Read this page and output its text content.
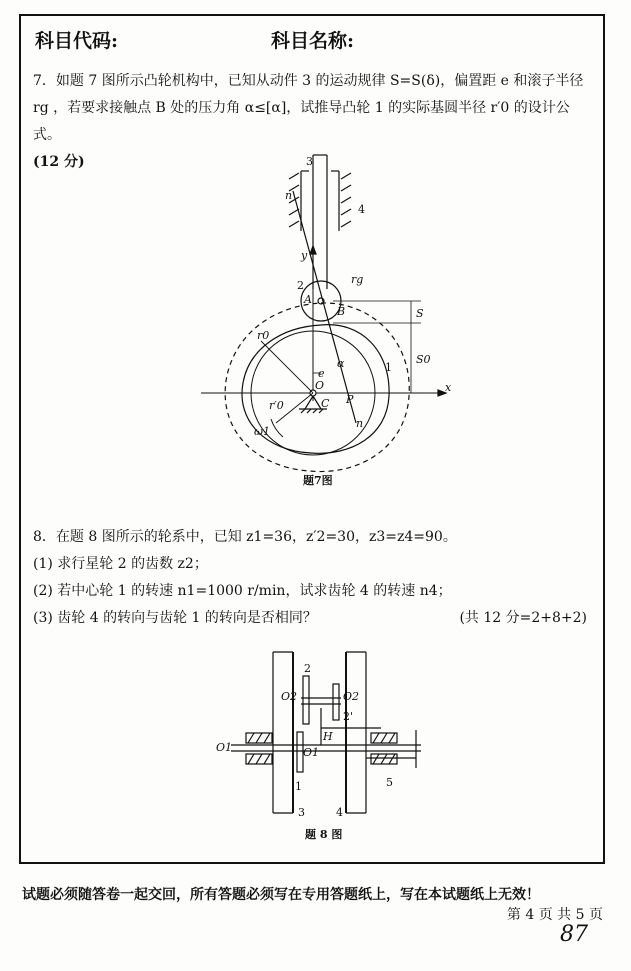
科目代码:	科目名称:
7．如题 7 图所示凸轮机构中，已知从动件 3 的运动规律 S=S(δ)，偏置距 e 和滚子半径
rg ，若要求接触点 B 处的压力角 α≤[α]，试推导凸轮 1 的实际基圆半径 r′0 的设计公式。
(12 分)	3
4
n
y
2	rg
A
B	S
S0
r0
e
α	1
x
O
C P
r′0
n
ω1
题7图
8．在题 8 图所示的轮系中，已知 z1=36，z′2=30，z3=z4=90。
(1) 求行星轮 2 的齿数 z2；
(2) 若中心轮 1 的转速 n1=1000 r/min，试求齿轮 4 的转速 n4；
(3) 齿轮 4 的转向与齿轮 1 的转向是否相同？	(共 12 分=2+8+2)
2
O2	O2
2'
H
O1	O1
1	5
3	4
题 8 图
试题必须随答卷一起交回，所有答题必须写在专用答题纸上，写在本试题纸上无效！
第 4 页 共 5 页
87
